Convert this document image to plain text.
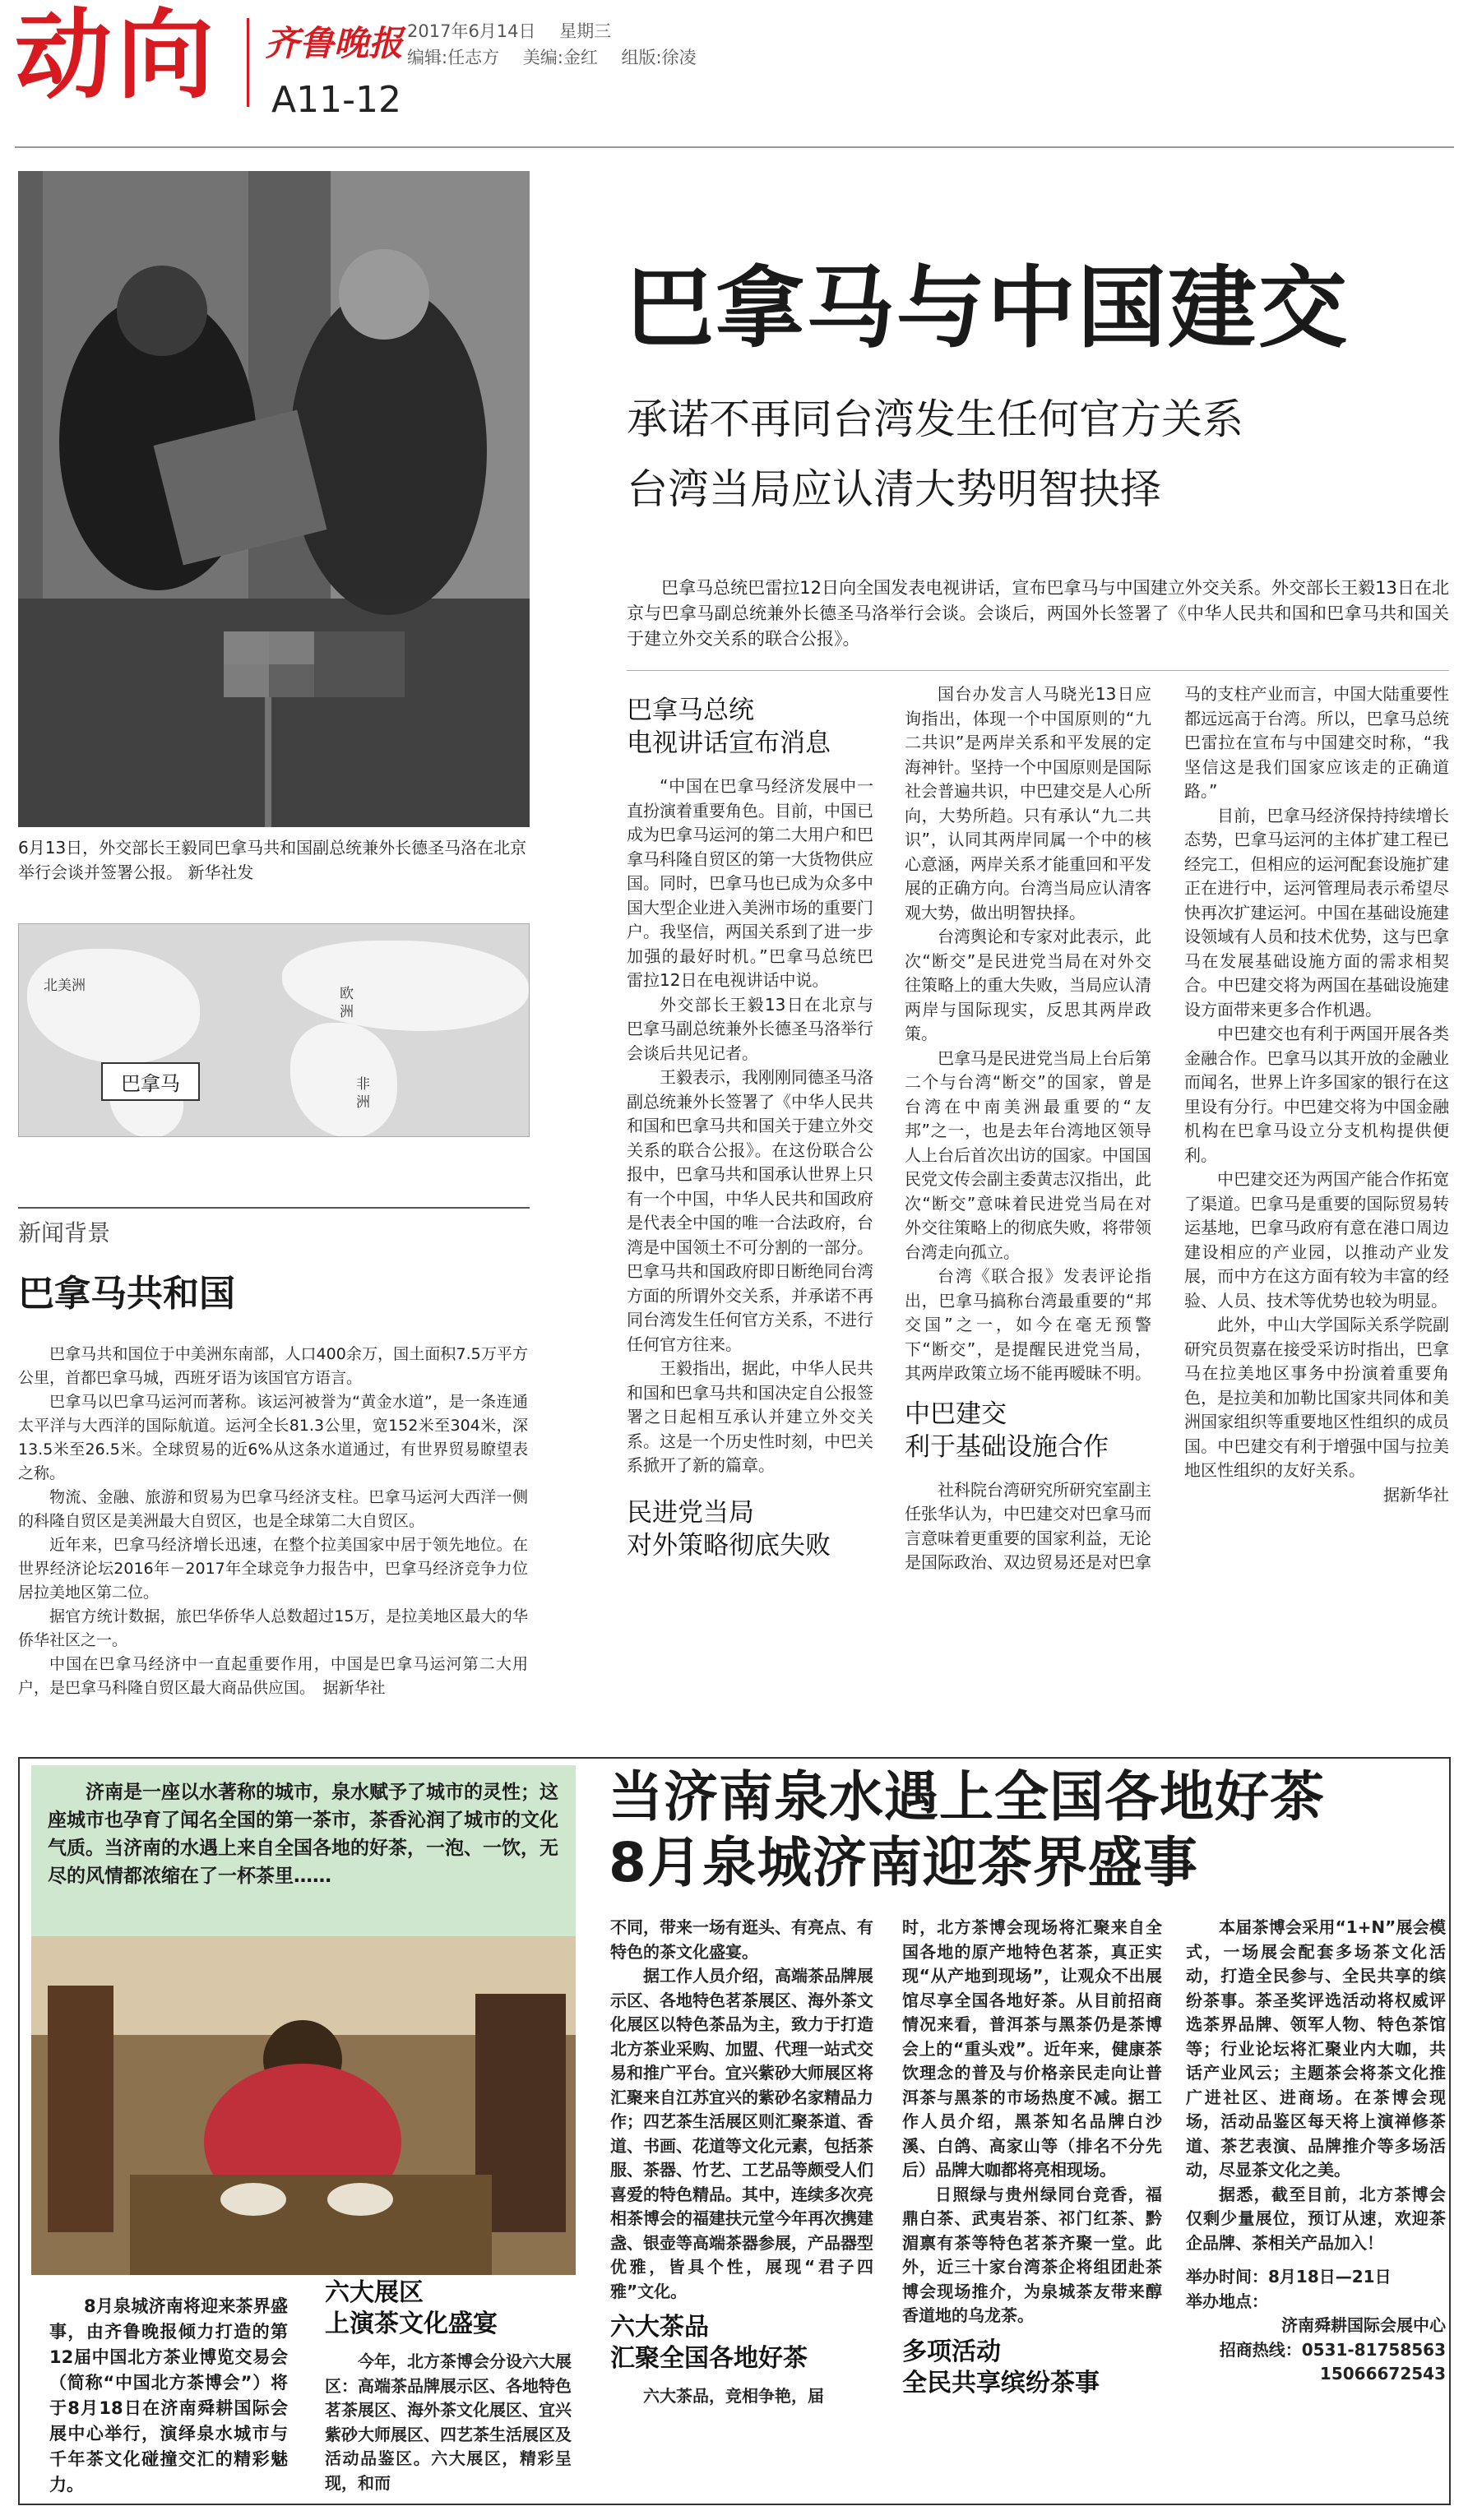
动向 齐鲁晚报 2017年6月14日 星期三
编辑:任志方 美编:金红 组版:徐凌
A11-12
6月13日，外交部长王毅同巴拿马共和国副总统兼外长德圣马洛在北京举行会谈并签署公报。 新华社发
北美洲	欧
洲
非
洲
巴拿马
新闻背景
巴拿马共和国

巴拿马共和国位于中美洲东南部，人口400余万，国土面积7.5万平方公里，首都巴拿马城，西班牙语为该国官方语言。

巴拿马以巴拿马运河而著称。该运河被誉为“黄金水道”，是一条连通太平洋与大西洋的国际航道。运河全长81.3公里，宽152米至304米，深13.5米至26.5米。全球贸易的近6%从这条水道通过，有世界贸易瞭望表之称。

物流、金融、旅游和贸易为巴拿马经济支柱。巴拿马运河大西洋一侧的科隆自贸区是美洲最大自贸区，也是全球第二大自贸区。

近年来，巴拿马经济增长迅速，在整个拉美国家中居于领先地位。在世界经济论坛2016年－2017年全球竞争力报告中，巴拿马经济竞争力位居拉美地区第二位。

据官方统计数据，旅巴华侨华人总数超过15万，是拉美地区最大的华侨华社区之一。

中国在巴拿马经济中一直起重要作用，中国是巴拿马运河第二大用户，是巴拿马科隆自贸区最大商品供应国。　 据新华社

巴拿马与中国建交
承诺不再同台湾发生任何官方关系
台湾当局应认清大势明智抉择
巴拿马总统巴雷拉12日向全国发表电视讲话，宣布巴拿马与中国建立外交关系。外交部长王毅13日在北京与巴拿马副总统兼外长德圣马洛举行会谈。会谈后，两国外长签署了《中华人民共和国和巴拿马共和国关于建立外交关系的联合公报》。
巴拿马总统
电视讲话宣布消息

“中国在巴拿马经济发展中一直扮演着重要角色。目前，中国已成为巴拿马运河的第二大用户和巴拿马科隆自贸区的第一大货物供应国。同时，巴拿马也已成为众多中国大型企业进入美洲市场的重要门户。我坚信，两国关系到了进一步加强的最好时机。”巴拿马总统巴雷拉12日在电视讲话中说。

外交部长王毅13日在北京与巴拿马副总统兼外长德圣马洛举行会谈后共见记者。

王毅表示，我刚刚同德圣马洛副总统兼外长签署了《中华人民共和国和巴拿马共和国关于建立外交关系的联合公报》。在这份联合公报中，巴拿马共和国承认世界上只有一个中国，中华人民共和国政府是代表全中国的唯一合法政府，台湾是中国领土不可分割的一部分。巴拿马共和国政府即日断绝同台湾方面的所谓外交关系，并承诺不再同台湾发生任何官方关系，不进行任何官方往来。

王毅指出，据此，中华人民共和国和巴拿马共和国决定自公报签署之日起相互承认并建立外交关系。这是一个历史性时刻，中巴关系掀开了新的篇章。

民进党当局
对外策略彻底失败

国台办发言人马晓光13日应询指出，体现一个中国原则的“九二共识”是两岸关系和平发展的定海神针。坚持一个中国原则是国际社会普遍共识，中巴建交是人心所向，大势所趋。只有承认“九二共识”，认同其两岸同属一个中的核心意涵，两岸关系才能重回和平发展的正确方向。台湾当局应认清客观大势，做出明智抉择。

台湾舆论和专家对此表示，此次“断交”是民进党当局在对外交往策略上的重大失败，当局应认清两岸与国际现实，反思其两岸政策。

巴拿马是民进党当局上台后第二个与台湾“断交”的国家，曾是台湾在中南美洲最重要的“友邦”之一，也是去年台湾地区领导人上台后首次出访的国家。中国国民党文传会副主委黄志汉指出，此次“断交”意味着民进党当局在对外交往策略上的彻底失败，将带领台湾走向孤立。

台湾《联合报》发表评论指出，巴拿马搞称台湾最重要的“邦交国”之一，如今在毫无预警下“断交”，是提醒民进党当局，其两岸政策立场不能再暧昧不明。

中巴建交
利于基础设施合作

社科院台湾研究所研究室副主任张华认为，中巴建交对巴拿马而言意味着更重要的国家利益，无论是国际政治、双边贸易还是对巴拿

马的支柱产业而言，中国大陆重要性都远远高于台湾。所以，巴拿马总统巴雷拉在宣布与中国建交时称，“我坚信这是我们国家应该走的正确道路。”

目前，巴拿马经济保持持续增长态势，巴拿马运河的主体扩建工程已经完工，但相应的运河配套设施扩建正在进行中，运河管理局表示希望尽快再次扩建运河。中国在基础设施建设领域有人员和技术优势，这与巴拿马在发展基础设施方面的需求相契合。中巴建交将为两国在基础设施建设方面带来更多合作机遇。

中巴建交也有利于两国开展各类金融合作。巴拿马以其开放的金融业而闻名，世界上许多国家的银行在这里设有分行。中巴建交将为中国金融机构在巴拿马设立分支机构提供便利。

中巴建交还为两国产能合作拓宽了渠道。巴拿马是重要的国际贸易转运基地，巴拿马政府有意在港口周边建设相应的产业园，以推动产业发展，而中方在这方面有较为丰富的经验、人员、技术等优势也较为明显。

此外，中山大学国际关系学院副研究员贺嘉在接受采访时指出，巴拿马在拉美地区事务中扮演着重要角色，是拉美和加勒比国家共同体和美洲国家组织等重要地区性组织的成员国。中巴建交有利于增强中国与拉美地区性组织的友好关系。

据新华社

济南是一座以水著称的城市，泉水赋予了城市的灵性；这座城市也孕育了闻名全国的第一茶市，茶香沁润了城市的文化气质。当济南的水遇上来自全国各地的好茶，一泡、一饮，无尽的风情都浓缩在了一杯茶里……
8月泉城济南将迎来茶界盛事，由齐鲁晚报倾力打造的第12届中国北方茶业博览交易会（简称“中国北方茶博会”）将于8月18日在济南舜耕国际会展中心举行，演绎泉水城市与千年茶文化碰撞交汇的精彩魅力。
当济南泉水遇上全国各地好茶
8月泉城济南迎茶界盛事
六大展区
上演茶文化盛宴

今年，北方茶博会分设六大展区：高端茶品牌展示区、各地特色茗茶展区、海外茶文化展区、宜兴紫砂大师展区、四艺茶生活展区及活动品鉴区。六大展区，精彩呈现，和而

不同，带来一场有逛头、有亮点、有特色的茶文化盛宴。

据工作人员介绍，高端茶品牌展示区、各地特色茗茶展区、海外茶文化展区以特色茶品为主，致力于打造北方茶业采购、加盟、代理一站式交易和推广平台。宜兴紫砂大师展区将汇聚来自江苏宜兴的紫砂名家精品力作；四艺茶生活展区则汇聚茶道、香道、书画、花道等文化元素，包括茶服、茶器、竹艺、工艺品等颇受人们喜爱的特色精品。其中，连续多次亮相茶博会的福建扶元堂今年再次携建盏、银壶等高端茶器参展，产品器型优雅，皆具个性，展现“君子四雅”文化。

六大茶品
汇聚全国各地好茶

六大茶品，竞相争艳，届

时，北方茶博会现场将汇聚来自全国各地的原产地特色茗茶，真正实现“从产地到现场”，让观众不出展馆尽享全国各地好茶。从目前招商情况来看，普洱茶与黑茶仍是茶博会上的“重头戏”。近年来，健康茶饮理念的普及与价格亲民走向让普洱茶与黑茶的市场热度不减。据工作人员介绍，黑茶知名品牌白沙溪、白鸽、高家山等（排名不分先后）品牌大咖都将亮相现场。

日照绿与贵州绿同台竞香，福鼎白茶、武夷岩茶、祁门红茶、黔湄禀有茶等特色茗茶齐聚一堂。此外，近三十家台湾茶企将组团赴茶博会现场推介，为泉城茶友带来醇香道地的乌龙茶。

多项活动
全民共享缤纷茶事

本届茶博会采用“1+N”展会模式，一场展会配套多场茶文化活动，打造全民参与、全民共享的缤纷茶事。茶圣奖评选活动将权威评选茶界品牌、领军人物、特色茶馆等；行业论坛将汇聚业内大咖，共话产业风云；主题茶会将茶文化推广进社区、进商场。在茶博会现场，活动品鉴区每天将上演禅修茶道、茶艺表演、品牌推介等多场活动，尽显茶文化之美。

据悉，截至目前，北方茶博会仅剩少量展位，预订从速，欢迎茶企品牌、茶相关产品加入！

举办时间：8月18日—21日
举办地点：
济南舜耕国际会展中心
招商热线：0531-81758563
15066672543
